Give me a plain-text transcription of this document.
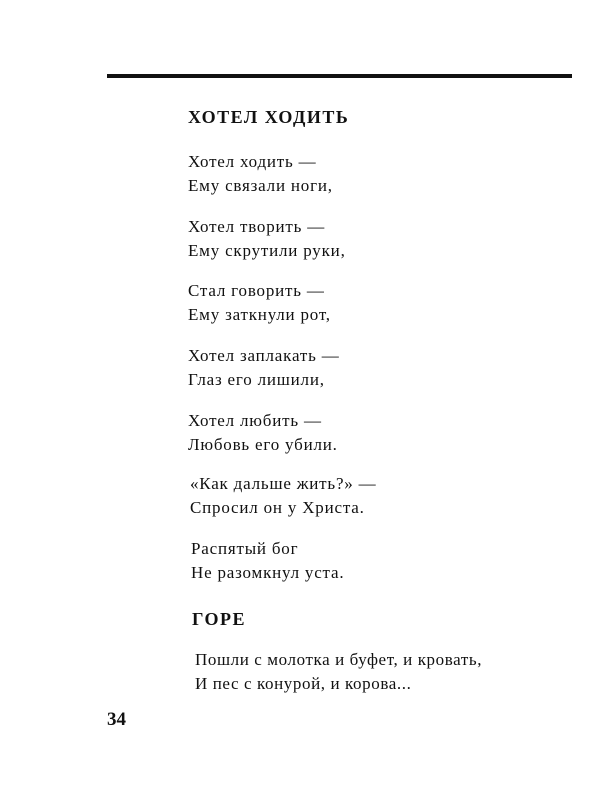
ХОТЕЛ ХОДИТЬ
Хотел ходить —
Ему связали ноги,
Хотел творить —
Ему скрутили руки,
Стал говорить —
Ему заткнули рот,
Хотел заплакать —
Глаз его лишили,
Хотел любить —
Любовь его убили.
«Как дальше жить?» —
Спросил он у Христа.
Распятый бог
Не разомкнул уста.
ГОРЕ
Пошли с молотка и буфет, и кровать,
И пес с конурой, и корова...
34
